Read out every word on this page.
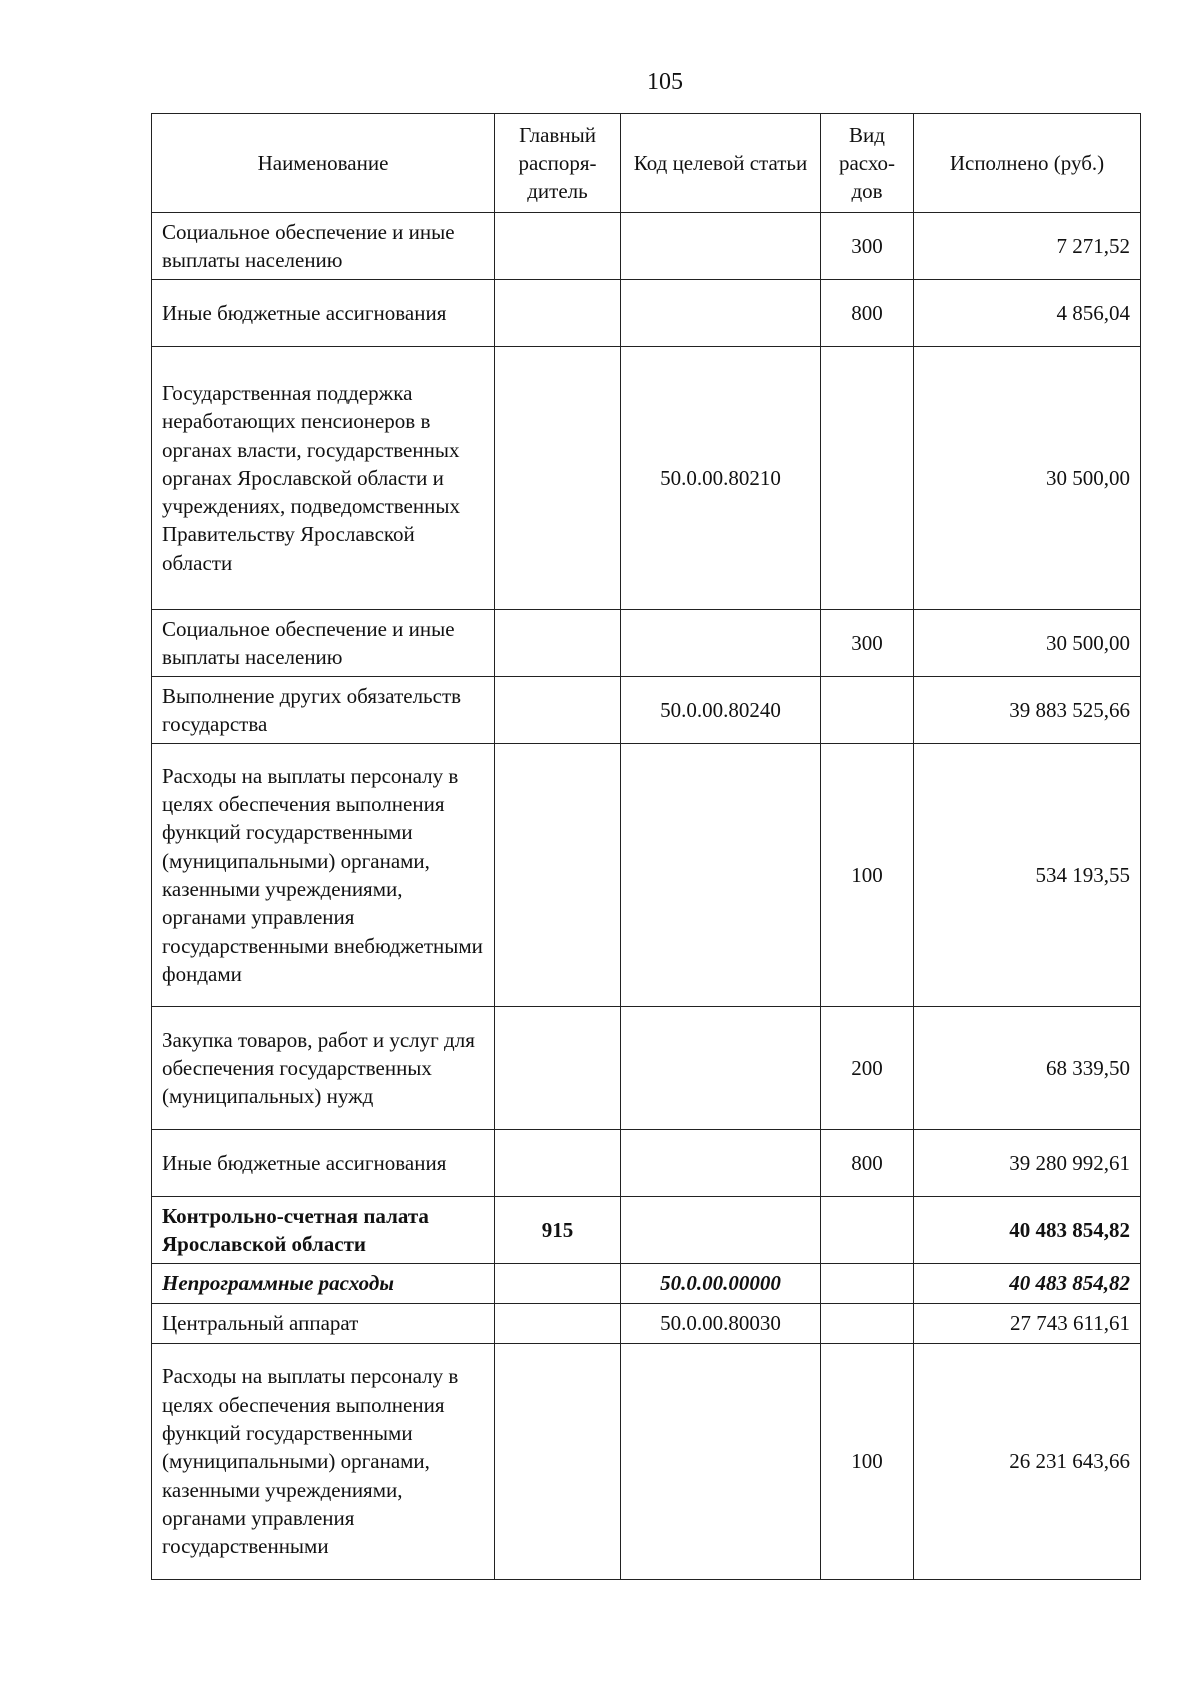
105
Наименование	Главный распоря-дитель	Код целевой статьи	Вид расхо-дов	Исполнено (руб.)
Социальное обеспечение и иные выплаты населению			300	7 271,52
Иные бюджетные ассигнования			800	4 856,04
Государственная поддержка неработающих пенсионеров в органах власти, государственных органах Ярославской области и учреждениях, подведомственных Правительству Ярославской области		50.0.00.80210		30 500,00
Социальное обеспечение и иные выплаты населению			300	30 500,00
Выполнение других обязательств государства		50.0.00.80240		39 883 525,66
Расходы на выплаты персоналу в целях обеспечения выполнения функций государственными (муниципальными) органами, казенными учреждениями, органами управления государственными внебюджетными фондами			100	534 193,55
Закупка товаров, работ и услуг для обеспечения государственных (муниципальных) нужд			200	68 339,50
Иные бюджетные ассигнования			800	39 280 992,61
Контрольно-счетная палата Ярославской области	915			40 483 854,82
Непрограммные расходы		50.0.00.00000		40 483 854,82
Центральный аппарат		50.0.00.80030		27 743 611,61
Расходы на выплаты персоналу в целях обеспечения выполнения функций государственными (муниципальными) органами, казенными учреждениями, органами управления государственными			100	26 231 643,66
